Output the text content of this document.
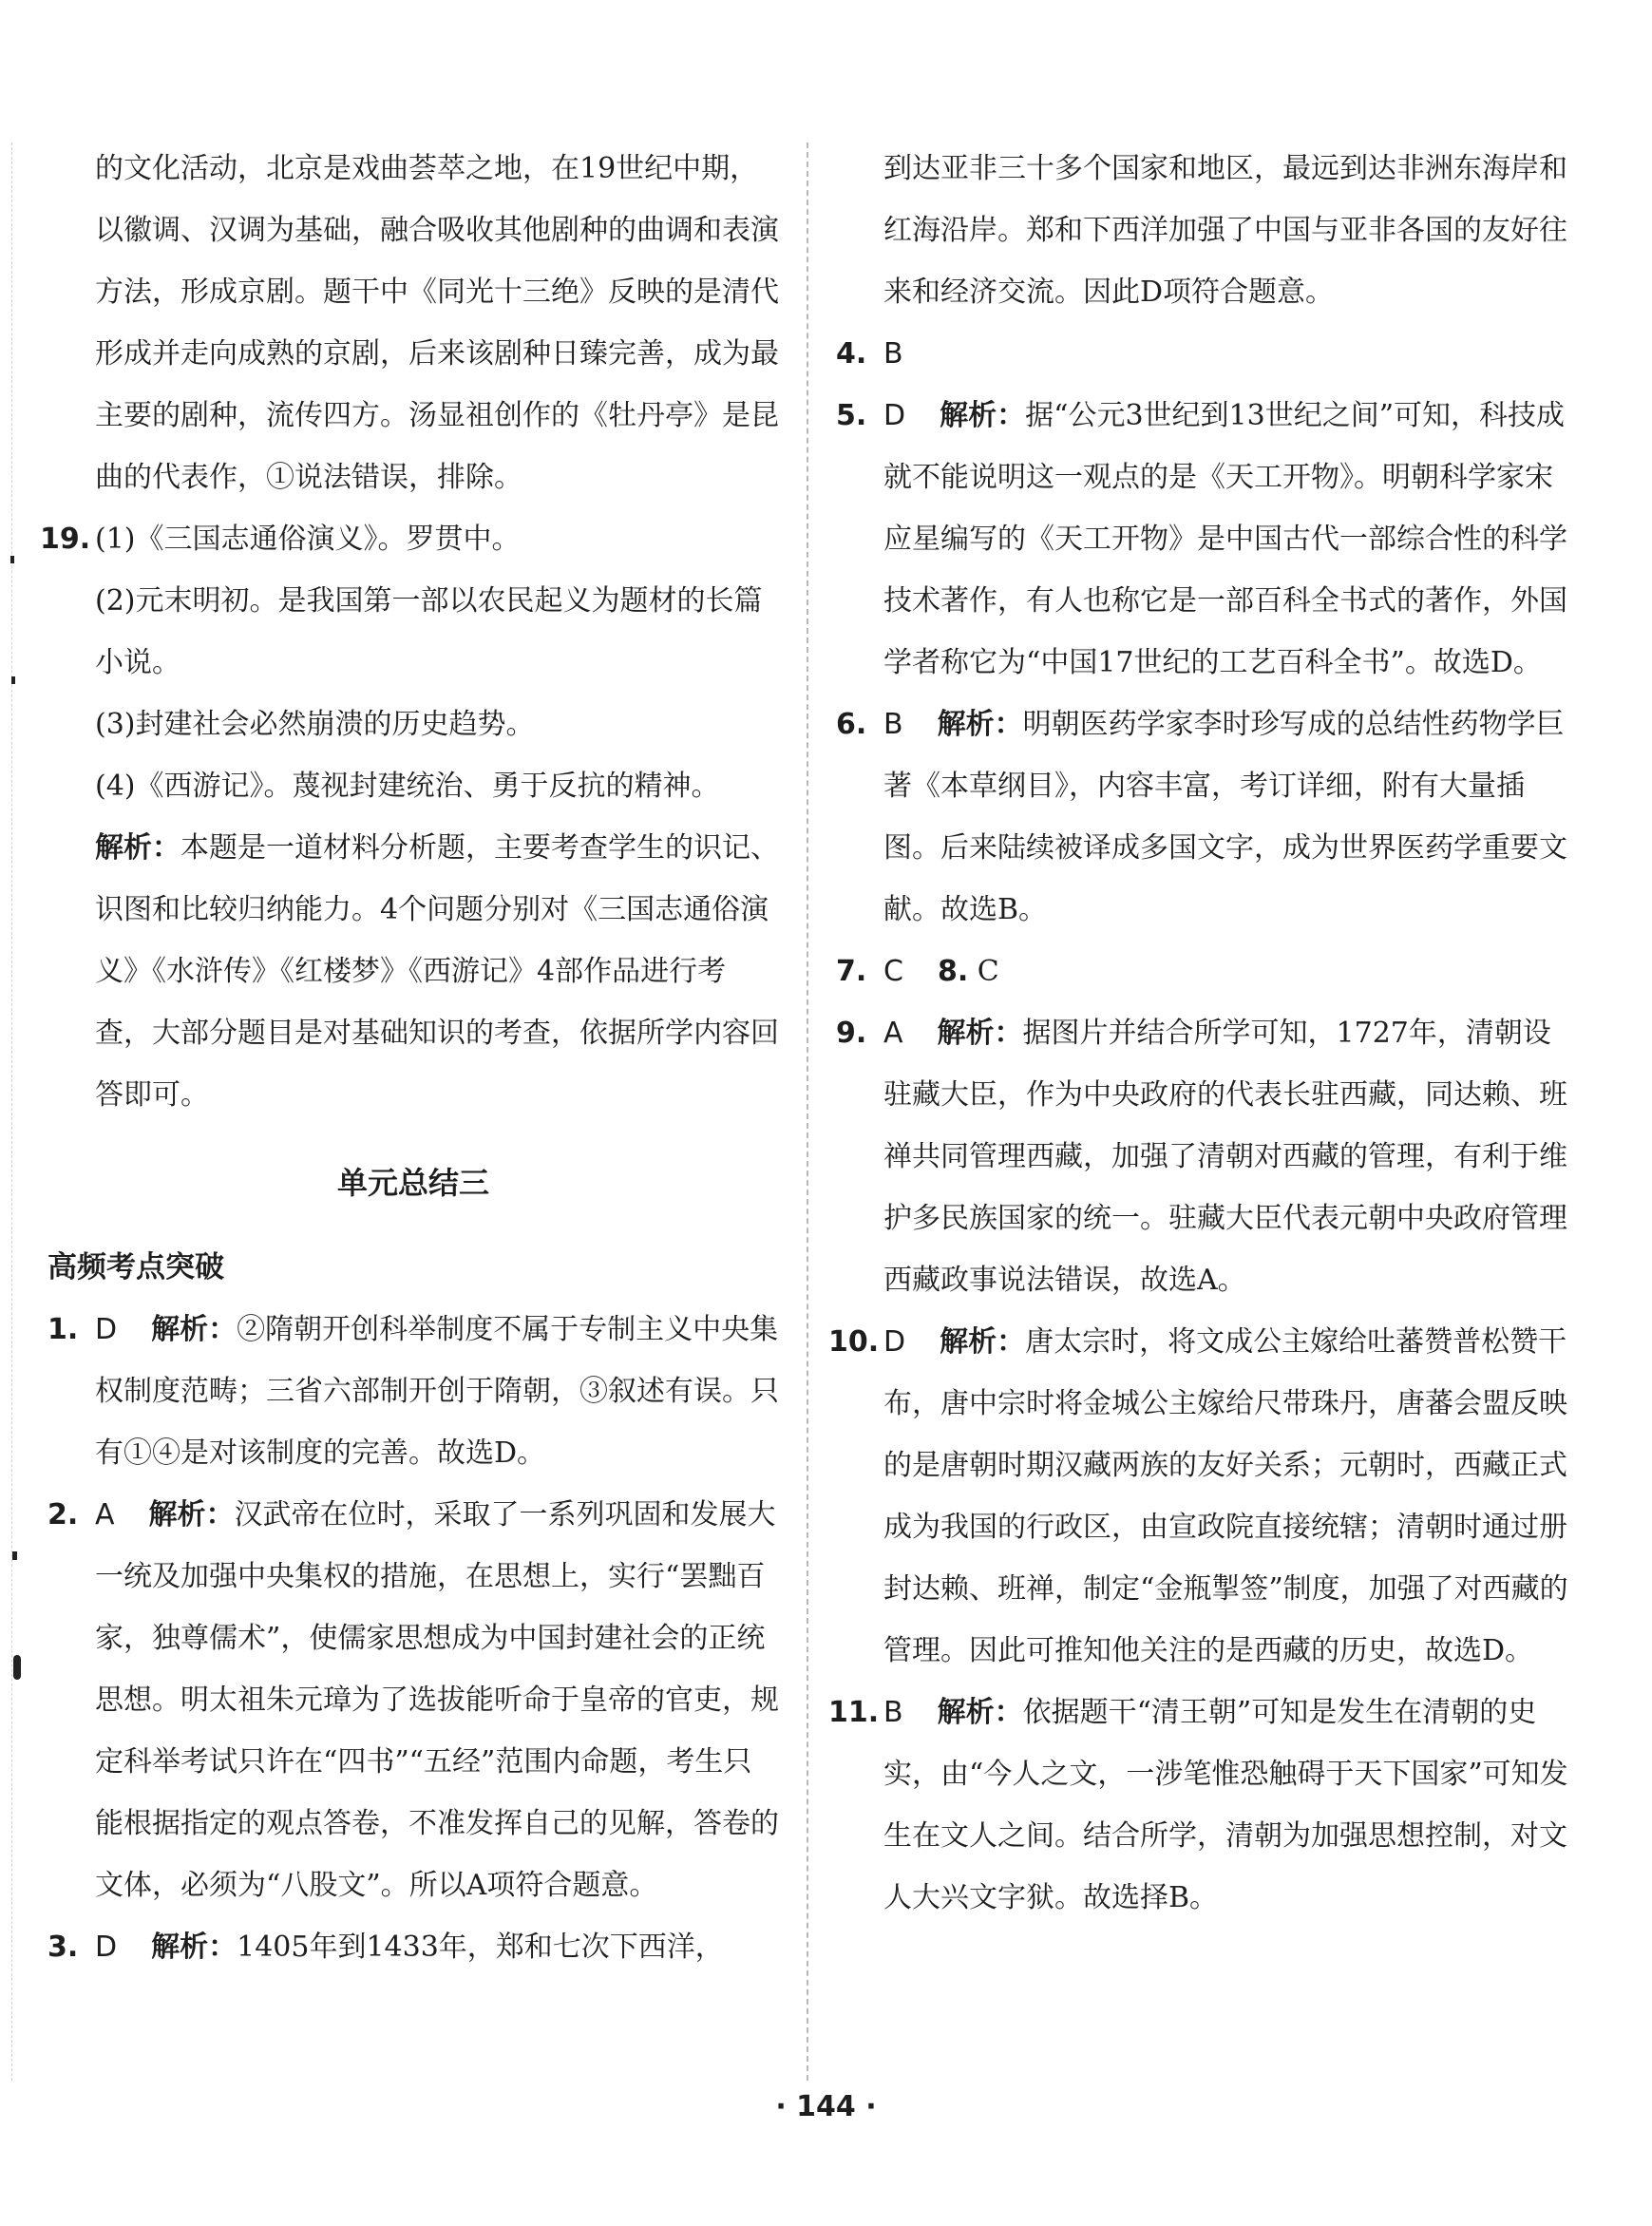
的文化活动，北京是戏曲荟萃之地，在19世纪中期，以徽调、汉调为基础，融合吸收其他剧种的曲调和表演方法，形成京剧。题干中《同光十三绝》反映的是清代形成并走向成熟的京剧，后来该剧种日臻完善，成为最主要的剧种，流传四方。汤显祖创作的《牡丹亭》是昆曲的代表作，①说法错误，排除。

19. (1)《三国志通俗演义》。罗贯中。

(2)元末明初。是我国第一部以农民起义为题材的长篇小说。

(3)封建社会必然崩溃的历史趋势。

(4)《西游记》。蔑视封建统治、勇于反抗的精神。

解析：本题是一道材料分析题，主要考查学生的识记、识图和比较归纳能力。4个问题分别对《三国志通俗演义》《水浒传》《红楼梦》《西游记》4部作品进行考查，大部分题目是对基础知识的考查，依据所学内容回答即可。

单元总结三
高频考点突破
1. D 解析：②隋朝开创科举制度不属于专制主义中央集权制度范畴；三省六部制开创于隋朝，③叙述有误。只有①④是对该制度的完善。故选D。

2. A 解析：汉武帝在位时，采取了一系列巩固和发展大一统及加强中央集权的措施，在思想上，实行“罢黜百家，独尊儒术”，使儒家思想成为中国封建社会的正统思想。明太祖朱元璋为了选拔能听命于皇帝的官吏，规定科举考试只许在“四书”“五经”范围内命题，考生只能根据指定的观点答卷，不准发挥自己的见解，答卷的文体，必须为“八股文”。所以A项符合题意。

3. D 解析：1405年到1433年，郑和七次下西洋，

到达亚非三十多个国家和地区，最远到达非洲东海岸和红海沿岸。郑和下西洋加强了中国与亚非各国的友好往来和经济交流。因此D项符合题意。

4. B

5. D 解析：据“公元3世纪到13世纪之间”可知，科技成就不能说明这一观点的是《天工开物》。明朝科学家宋应星编写的《天工开物》是中国古代一部综合性的科学技术著作，有人也称它是一部百科全书式的著作，外国学者称它为“中国17世纪的工艺百科全书”。故选D。

6. B 解析：明朝医药学家李时珍写成的总结性药物学巨著《本草纲目》，内容丰富，考订详细，附有大量插图。后来陆续被译成多国文字，成为世界医药学重要文献。故选B。

7. C 8. C

9. A 解析：据图片并结合所学可知，1727年，清朝设驻藏大臣，作为中央政府的代表长驻西藏，同达赖、班禅共同管理西藏，加强了清朝对西藏的管理，有利于维护多民族国家的统一。驻藏大臣代表元朝中央政府管理西藏政事说法错误，故选A。

10. D 解析：唐太宗时，将文成公主嫁给吐蕃赞普松赞干布，唐中宗时将金城公主嫁给尺带珠丹，唐蕃会盟反映的是唐朝时期汉藏两族的友好关系；元朝时，西藏正式成为我国的行政区，由宣政院直接统辖；清朝时通过册封达赖、班禅，制定“金瓶掣签”制度，加强了对西藏的管理。因此可推知他关注的是西藏的历史，故选D。

11. B 解析：依据题干“清王朝”可知是发生在清朝的史实，由“今人之文，一涉笔惟恐触碍于天下国家”可知发生在文人之间。结合所学，清朝为加强思想控制，对文人大兴文字狱。故选择B。

· 144 ·
